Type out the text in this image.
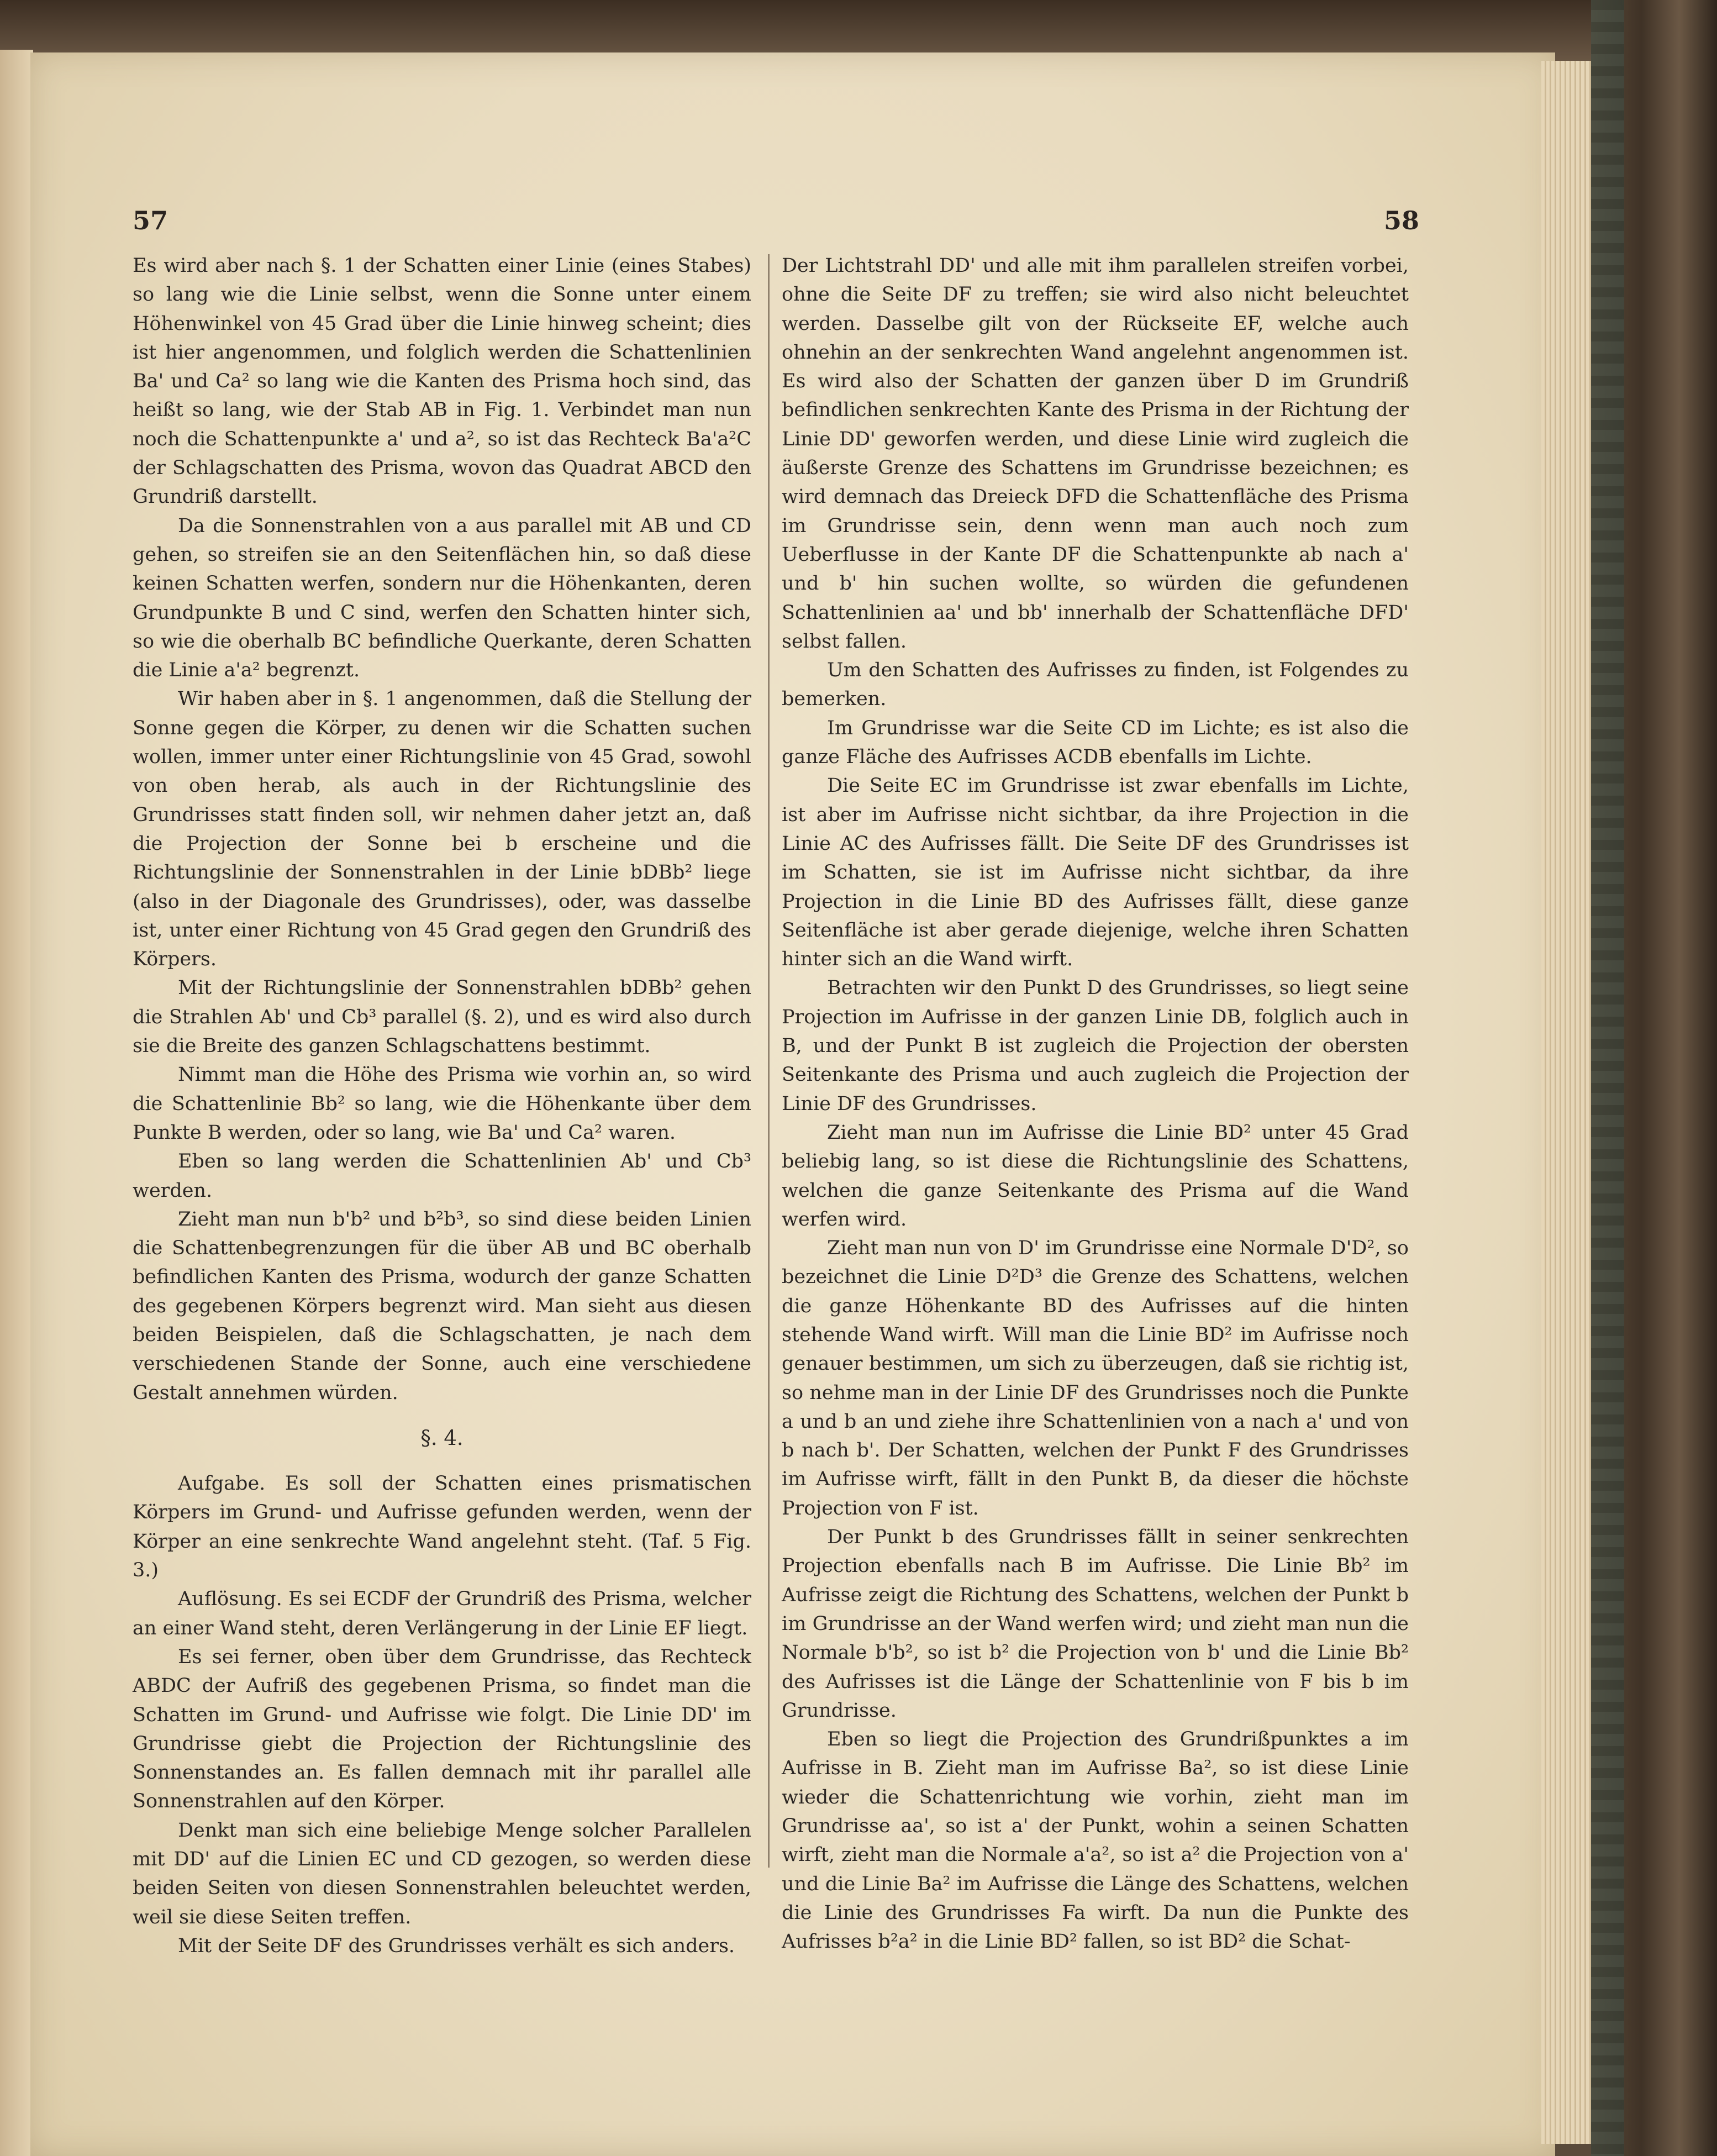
57	58

Es wird aber nach §. 1 der Schatten einer Linie (eines Stabes) so lang wie die Linie selbst, wenn die Sonne unter einem Höhenwinkel von 45 Grad über die Linie hinweg scheint; dies ist hier angenommen, und folglich werden die Schattenlinien Ba' und Ca² so lang wie die Kanten des Prisma hoch sind, das heißt so lang, wie der Stab AB in Fig. 1. Verbindet man nun noch die Schattenpunkte a' und a², so ist das Rechteck Ba'a²C der Schlagschatten des Prisma, wovon das Quadrat ABCD den Grundriß darstellt.

Da die Sonnenstrahlen von a aus parallel mit AB und CD gehen, so streifen sie an den Seitenflächen hin, so daß diese keinen Schatten werfen, sondern nur die Höhenkanten, deren Grundpunkte B und C sind, werfen den Schatten hinter sich, so wie die oberhalb BC befindliche Querkante, deren Schatten die Linie a'a² begrenzt.

Wir haben aber in §. 1 angenommen, daß die Stellung der Sonne gegen die Körper, zu denen wir die Schatten suchen wollen, immer unter einer Richtungslinie von 45 Grad, sowohl von oben herab, als auch in der Richtungslinie des Grundrisses statt finden soll, wir nehmen daher jetzt an, daß die Projection der Sonne bei b erscheine und die Richtungslinie der Sonnenstrahlen in der Linie bDBb² liege (also in der Diagonale des Grundrisses), oder, was dasselbe ist, unter einer Richtung von 45 Grad gegen den Grundriß des Körpers.

Mit der Richtungslinie der Sonnenstrahlen bDBb² gehen die Strahlen Ab' und Cb³ parallel (§. 2), und es wird also durch sie die Breite des ganzen Schlagschattens bestimmt.

Nimmt man die Höhe des Prisma wie vorhin an, so wird die Schattenlinie Bb² so lang, wie die Höhenkante über dem Punkte B werden, oder so lang, wie Ba' und Ca² waren.

Eben so lang werden die Schattenlinien Ab' und Cb³ werden.

Zieht man nun b'b² und b²b³, so sind diese beiden Linien die Schattenbegrenzungen für die über AB und BC oberhalb befindlichen Kanten des Prisma, wodurch der ganze Schatten des gegebenen Körpers begrenzt wird. Man sieht aus diesen beiden Beispielen, daß die Schlagschatten, je nach dem verschiedenen Stande der Sonne, auch eine verschiedene Gestalt annehmen würden.

§. 4.

Aufgabe. Es soll der Schatten eines prismatischen Körpers im Grund- und Aufrisse gefunden werden, wenn der Körper an eine senkrechte Wand angelehnt steht. (Taf. 5 Fig. 3.)

Auflösung. Es sei ECDF der Grundriß des Prisma, welcher an einer Wand steht, deren Verlängerung in der Linie EF liegt.

Es sei ferner, oben über dem Grundrisse, das Rechteck ABDC der Aufriß des gegebenen Prisma, so findet man die Schatten im Grund- und Aufrisse wie folgt. Die Linie DD' im Grundrisse giebt die Projection der Richtungslinie des Sonnenstandes an. Es fallen demnach mit ihr parallel alle Sonnenstrahlen auf den Körper.

Denkt man sich eine beliebige Menge solcher Parallelen mit DD' auf die Linien EC und CD gezogen, so werden diese beiden Seiten von diesen Sonnenstrahlen beleuchtet werden, weil sie diese Seiten treffen.

Mit der Seite DF des Grundrisses verhält es sich anders.

Der Lichtstrahl DD' und alle mit ihm parallelen streifen vorbei, ohne die Seite DF zu treffen; sie wird also nicht beleuchtet werden. Dasselbe gilt von der Rückseite EF, welche auch ohnehin an der senkrechten Wand angelehnt angenommen ist. Es wird also der Schatten der ganzen über D im Grundriß befindlichen senkrechten Kante des Prisma in der Richtung der Linie DD' geworfen werden, und diese Linie wird zugleich die äußerste Grenze des Schattens im Grundrisse bezeichnen; es wird demnach das Dreieck DFD die Schattenfläche des Prisma im Grundrisse sein, denn wenn man auch noch zum Ueberflusse in der Kante DF die Schattenpunkte ab nach a' und b' hin suchen wollte, so würden die gefundenen Schattenlinien aa' und bb' innerhalb der Schattenfläche DFD' selbst fallen.

Um den Schatten des Aufrisses zu finden, ist Folgendes zu bemerken.

Im Grundrisse war die Seite CD im Lichte; es ist also die ganze Fläche des Aufrisses ACDB ebenfalls im Lichte.

Die Seite EC im Grundrisse ist zwar ebenfalls im Lichte, ist aber im Aufrisse nicht sichtbar, da ihre Projection in die Linie AC des Aufrisses fällt. Die Seite DF des Grundrisses ist im Schatten, sie ist im Aufrisse nicht sichtbar, da ihre Projection in die Linie BD des Aufrisses fällt, diese ganze Seitenfläche ist aber gerade diejenige, welche ihren Schatten hinter sich an die Wand wirft.

Betrachten wir den Punkt D des Grundrisses, so liegt seine Projection im Aufrisse in der ganzen Linie DB, folglich auch in B, und der Punkt B ist zugleich die Projection der obersten Seitenkante des Prisma und auch zugleich die Projection der Linie DF des Grundrisses.

Zieht man nun im Aufrisse die Linie BD² unter 45 Grad beliebig lang, so ist diese die Richtungslinie des Schattens, welchen die ganze Seitenkante des Prisma auf die Wand werfen wird.

Zieht man nun von D' im Grundrisse eine Normale D'D², so bezeichnet die Linie D²D³ die Grenze des Schattens, welchen die ganze Höhenkante BD des Aufrisses auf die hinten stehende Wand wirft. Will man die Linie BD² im Aufrisse noch genauer bestimmen, um sich zu überzeugen, daß sie richtig ist, so nehme man in der Linie DF des Grundrisses noch die Punkte a und b an und ziehe ihre Schattenlinien von a nach a' und von b nach b'. Der Schatten, welchen der Punkt F des Grundrisses im Aufrisse wirft, fällt in den Punkt B, da dieser die höchste Projection von F ist.

Der Punkt b des Grundrisses fällt in seiner senkrechten Projection ebenfalls nach B im Aufrisse. Die Linie Bb² im Aufrisse zeigt die Richtung des Schattens, welchen der Punkt b im Grundrisse an der Wand werfen wird; und zieht man nun die Normale b'b², so ist b² die Projection von b' und die Linie Bb² des Aufrisses ist die Länge der Schattenlinie von F bis b im Grundrisse.

Eben so liegt die Projection des Grundrißpunktes a im Aufrisse in B. Zieht man im Aufrisse Ba², so ist diese Linie wieder die Schattenrichtung wie vorhin, zieht man im Grundrisse aa', so ist a' der Punkt, wohin a seinen Schatten wirft, zieht man die Normale a'a², so ist a² die Projection von a' und die Linie Ba² im Aufrisse die Länge des Schattens, welchen die Linie des Grundrisses Fa wirft. Da nun die Punkte des Aufrisses b²a² in die Linie BD² fallen, so ist BD² die Schat-
